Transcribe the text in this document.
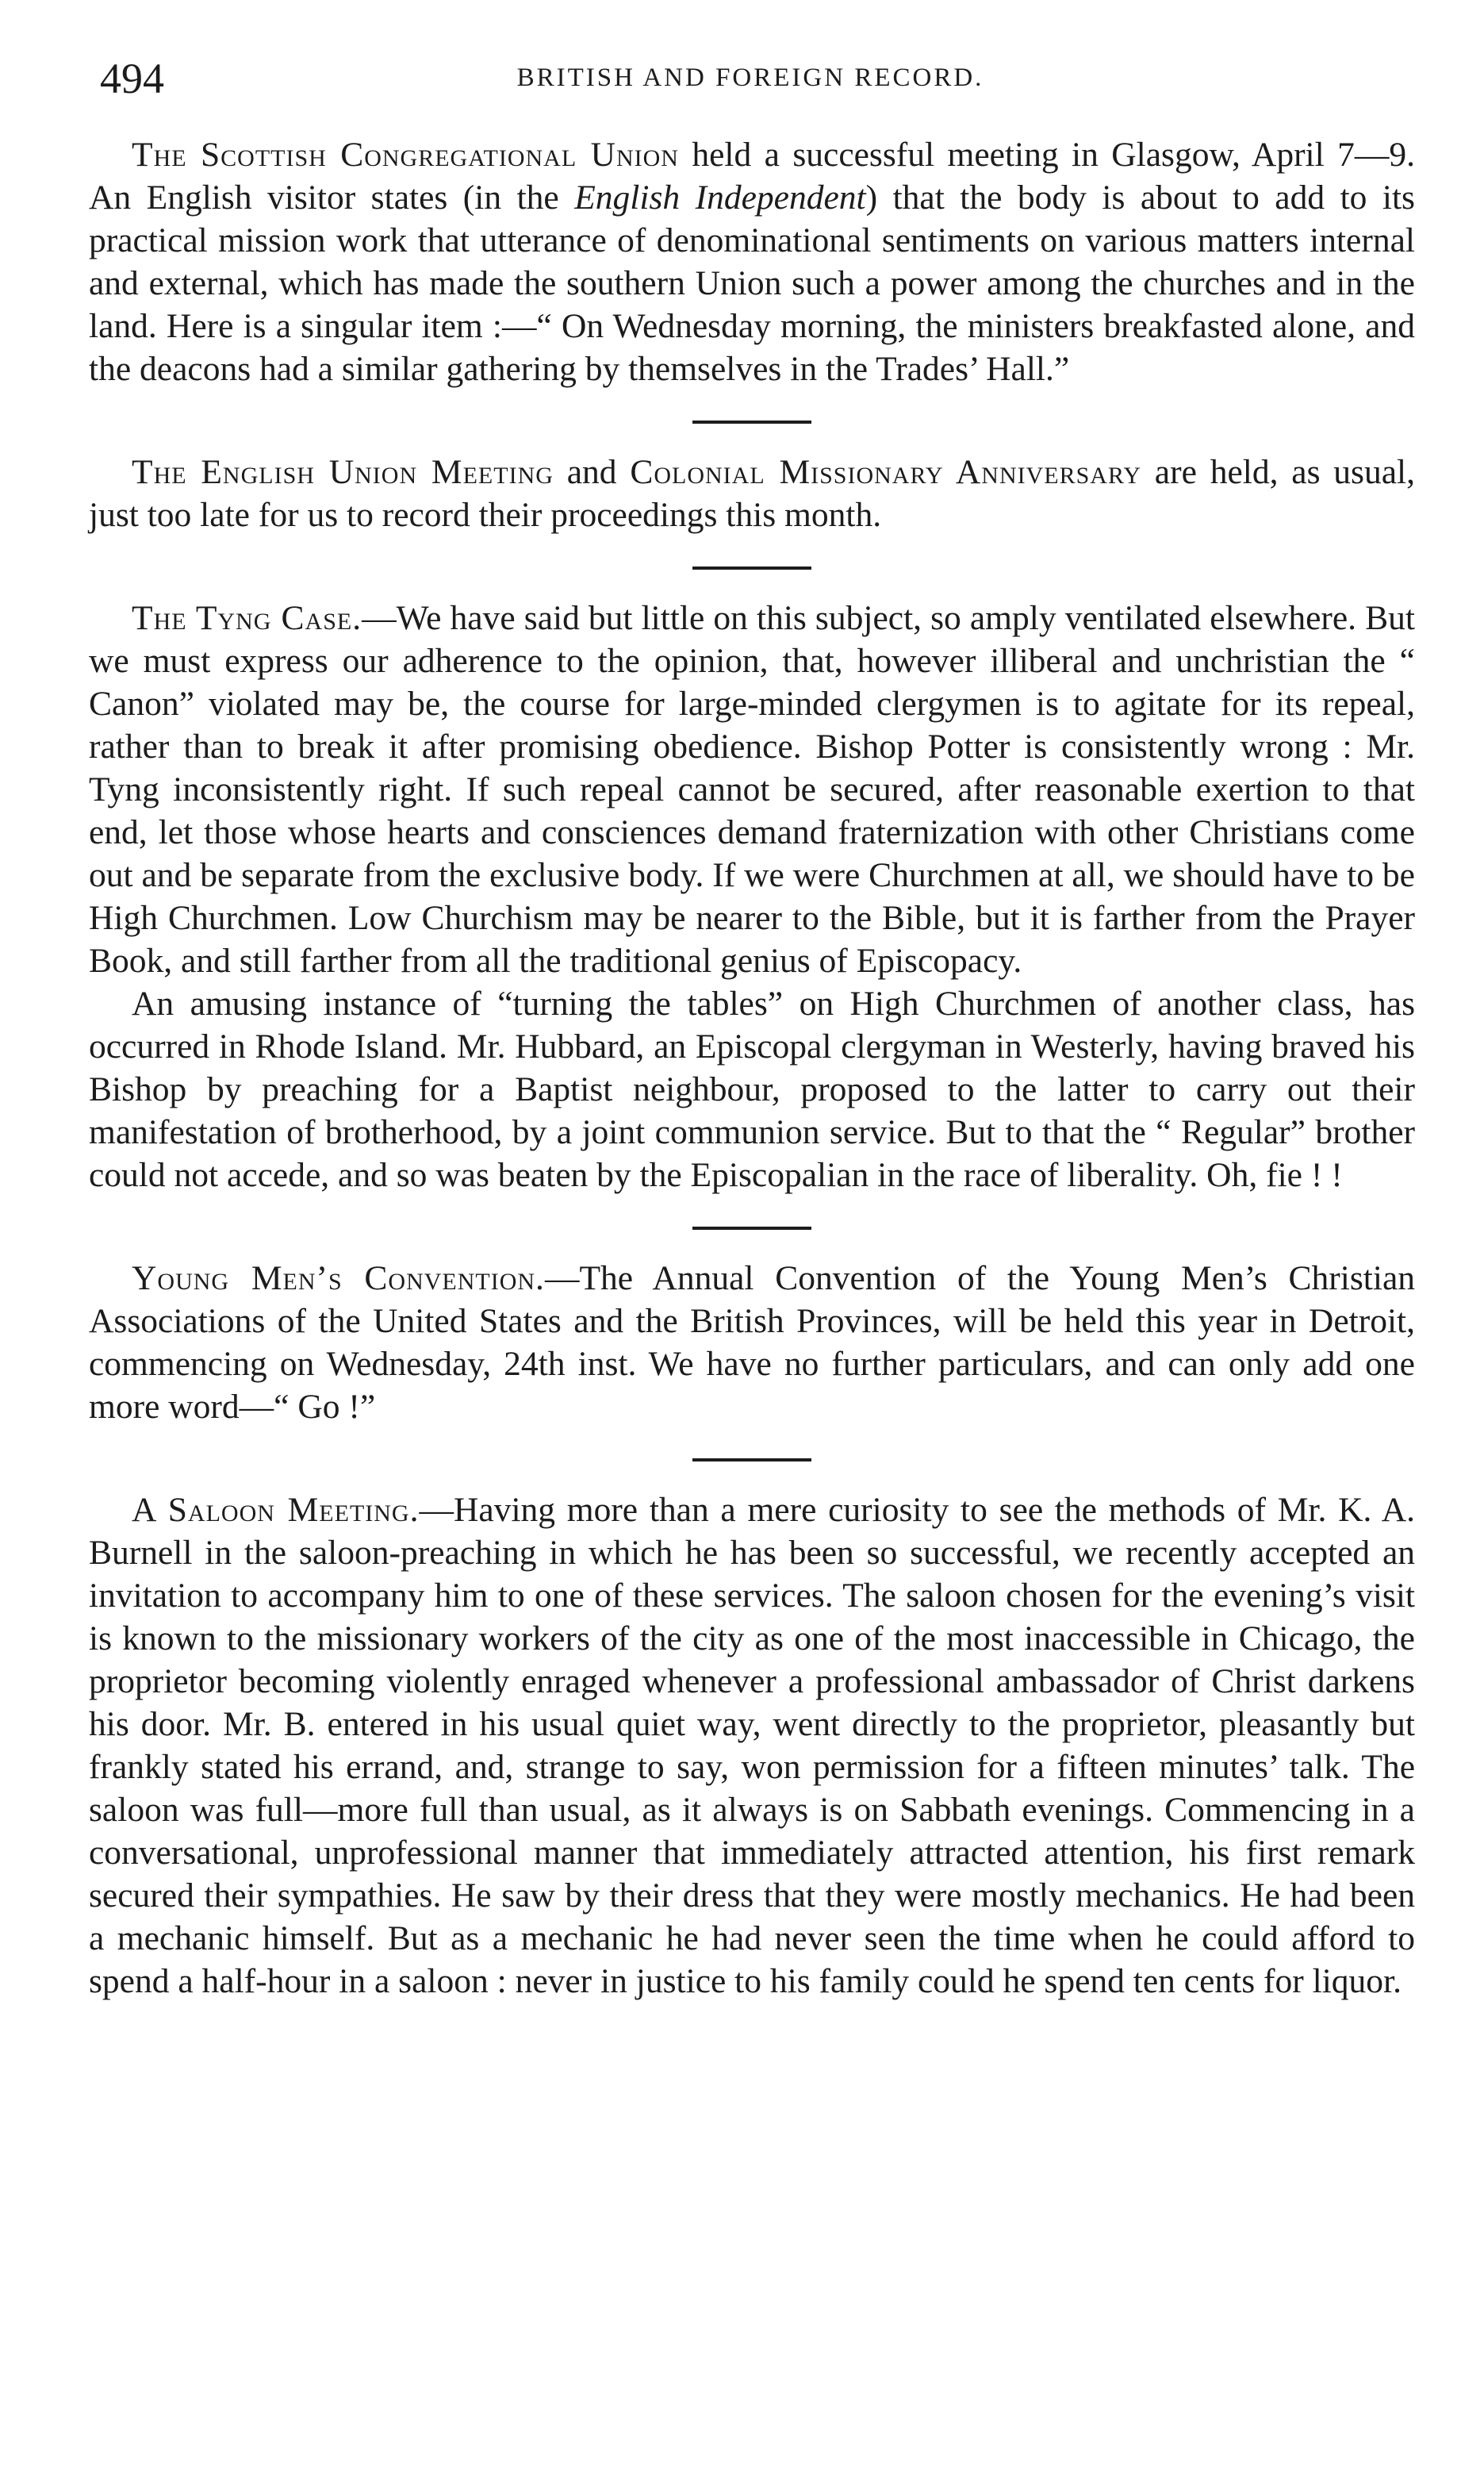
494	BRITISH AND FOREIGN RECORD.

The Scottish Congregational Union held a successful meeting in Glasgow, April 7—9. An English visitor states (in the English Independent) that the body is about to add to its practical mission work that utterance of denominational sentiments on various matters internal and external, which has made the southern Union such a power among the churches and in the land. Here is a singular item :—“ On Wednesday morning, the ministers breakfasted alone, and the deacons had a similar gathering by themselves in the Trades’ Hall.”

The English Union Meeting and Colonial Missionary Anniversary are held, as usual, just too late for us to record their proceedings this month.

The Tyng Case.—We have said but little on this subject, so amply ventilated elsewhere. But we must express our adherence to the opinion, that, however illiberal and unchristian the “ Canon” violated may be, the course for large-minded clergymen is to agitate for its repeal, rather than to break it after promising obedience. Bishop Potter is consistently wrong : Mr. Tyng inconsistently right. If such repeal cannot be secured, after reasonable exertion to that end, let those whose hearts and consciences demand fraternization with other Christians come out and be separate from the exclusive body. If we were Churchmen at all, we should have to be High Churchmen. Low Churchism may be nearer to the Bible, but it is farther from the Prayer Book, and still farther from all the traditional genius of Episcopacy.

An amusing instance of “turning the tables” on High Churchmen of another class, has occurred in Rhode Island. Mr. Hubbard, an Episcopal clergyman in Westerly, having braved his Bishop by preaching for a Baptist neighbour, proposed to the latter to carry out their manifestation of brotherhood, by a joint communion service. But to that the “ Regular” brother could not accede, and so was beaten by the Episcopalian in the race of liberality. Oh, fie ! !

Young Men’s Convention.—The Annual Convention of the Young Men’s Christian Associations of the United States and the British Provinces, will be held this year in Detroit, commencing on Wednesday, 24th inst. We have no further particulars, and can only add one more word—“ Go !”

A Saloon Meeting.—Having more than a mere curiosity to see the methods of Mr. K. A. Burnell in the saloon-preaching in which he has been so successful, we recently accepted an invitation to accompany him to one of these services. The saloon chosen for the evening’s visit is known to the missionary workers of the city as one of the most inaccessible in Chicago, the proprietor becoming violently enraged whenever a professional ambassador of Christ darkens his door. Mr. B. entered in his usual quiet way, went directly to the proprietor, pleasantly but frankly stated his errand, and, strange to say, won permission for a fifteen minutes’ talk. The saloon was full—more full than usual, as it always is on Sabbath evenings. Commencing in a conversational, unprofessional manner that immediately attracted attention, his first remark secured their sympathies. He saw by their dress that they were mostly mechanics. He had been a mechanic himself. But as a mechanic he had never seen the time when he could afford to spend a half-hour in a saloon : never in justice to his family could he spend ten cents for liquor.
